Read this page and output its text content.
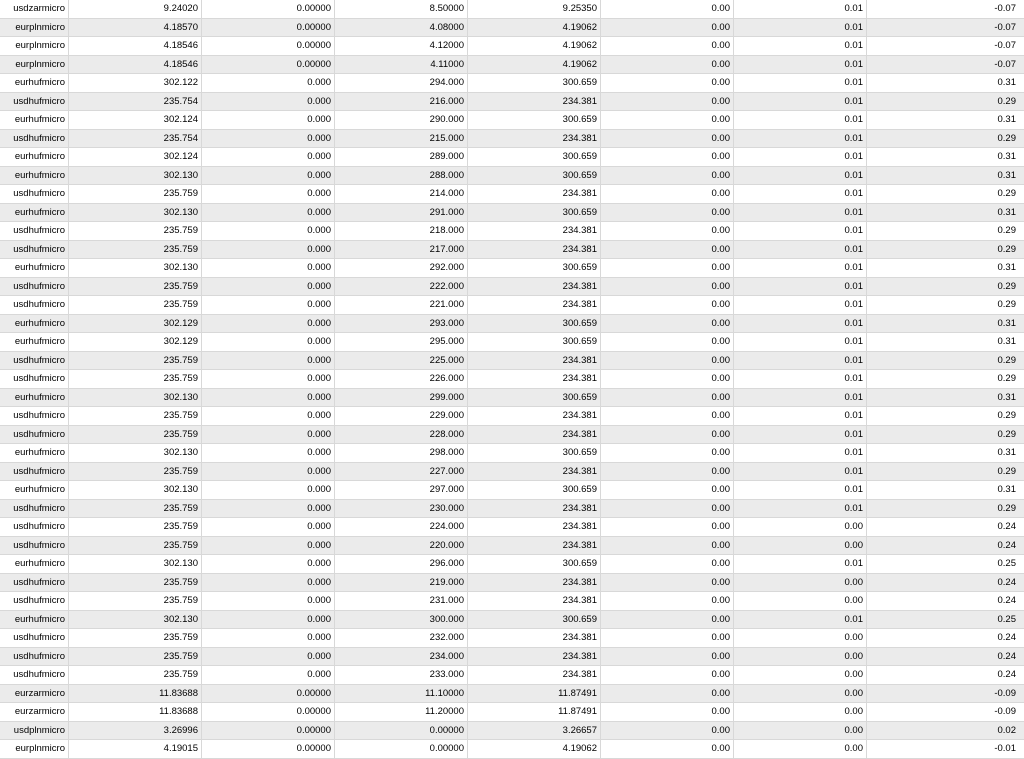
usdzarmicro	9.24020	0.00000	8.50000	9.25350	0.00	0.01	-0.07
eurplnmicro	4.18570	0.00000	4.08000	4.19062	0.00	0.01	-0.07
eurplnmicro	4.18546	0.00000	4.12000	4.19062	0.00	0.01	-0.07
eurplnmicro	4.18546	0.00000	4.11000	4.19062	0.00	0.01	-0.07
eurhufmicro	302.122	0.000	294.000	300.659	0.00	0.01	0.31
usdhufmicro	235.754	0.000	216.000	234.381	0.00	0.01	0.29
eurhufmicro	302.124	0.000	290.000	300.659	0.00	0.01	0.31
usdhufmicro	235.754	0.000	215.000	234.381	0.00	0.01	0.29
eurhufmicro	302.124	0.000	289.000	300.659	0.00	0.01	0.31
eurhufmicro	302.130	0.000	288.000	300.659	0.00	0.01	0.31
usdhufmicro	235.759	0.000	214.000	234.381	0.00	0.01	0.29
eurhufmicro	302.130	0.000	291.000	300.659	0.00	0.01	0.31
usdhufmicro	235.759	0.000	218.000	234.381	0.00	0.01	0.29
usdhufmicro	235.759	0.000	217.000	234.381	0.00	0.01	0.29
eurhufmicro	302.130	0.000	292.000	300.659	0.00	0.01	0.31
usdhufmicro	235.759	0.000	222.000	234.381	0.00	0.01	0.29
usdhufmicro	235.759	0.000	221.000	234.381	0.00	0.01	0.29
eurhufmicro	302.129	0.000	293.000	300.659	0.00	0.01	0.31
eurhufmicro	302.129	0.000	295.000	300.659	0.00	0.01	0.31
usdhufmicro	235.759	0.000	225.000	234.381	0.00	0.01	0.29
usdhufmicro	235.759	0.000	226.000	234.381	0.00	0.01	0.29
eurhufmicro	302.130	0.000	299.000	300.659	0.00	0.01	0.31
usdhufmicro	235.759	0.000	229.000	234.381	0.00	0.01	0.29
usdhufmicro	235.759	0.000	228.000	234.381	0.00	0.01	0.29
eurhufmicro	302.130	0.000	298.000	300.659	0.00	0.01	0.31
usdhufmicro	235.759	0.000	227.000	234.381	0.00	0.01	0.29
eurhufmicro	302.130	0.000	297.000	300.659	0.00	0.01	0.31
usdhufmicro	235.759	0.000	230.000	234.381	0.00	0.01	0.29
usdhufmicro	235.759	0.000	224.000	234.381	0.00	0.00	0.24
usdhufmicro	235.759	0.000	220.000	234.381	0.00	0.00	0.24
eurhufmicro	302.130	0.000	296.000	300.659	0.00	0.01	0.25
usdhufmicro	235.759	0.000	219.000	234.381	0.00	0.00	0.24
usdhufmicro	235.759	0.000	231.000	234.381	0.00	0.00	0.24
eurhufmicro	302.130	0.000	300.000	300.659	0.00	0.01	0.25
usdhufmicro	235.759	0.000	232.000	234.381	0.00	0.00	0.24
usdhufmicro	235.759	0.000	234.000	234.381	0.00	0.00	0.24
usdhufmicro	235.759	0.000	233.000	234.381	0.00	0.00	0.24
eurzarmicro	11.83688	0.00000	11.10000	11.87491	0.00	0.00	-0.09
eurzarmicro	11.83688	0.00000	11.20000	11.87491	0.00	0.00	-0.09
usdplnmicro	3.26996	0.00000	0.00000	3.26657	0.00	0.00	0.02
eurplnmicro	4.19015	0.00000	0.00000	4.19062	0.00	0.00	-0.01
